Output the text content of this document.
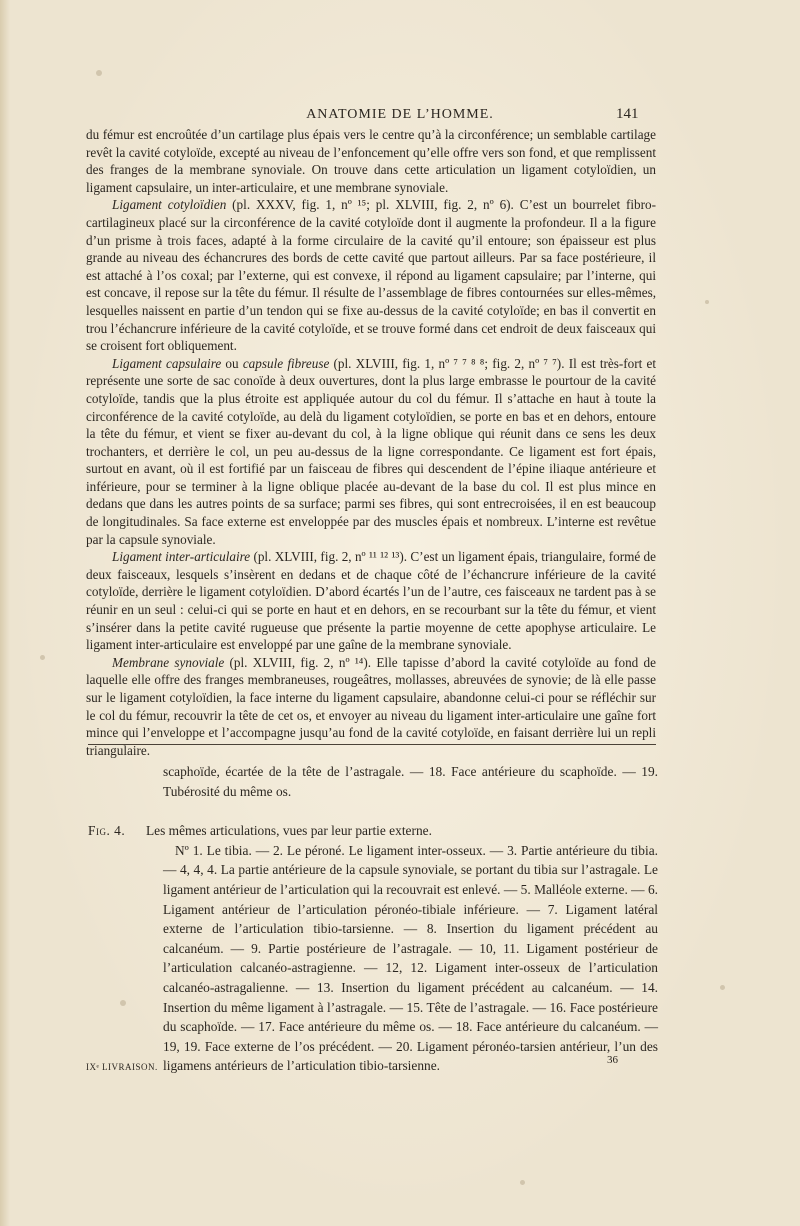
ANATOMIE DE L’HOMME.	141

du fémur est encroûtée d’un cartilage plus épais vers le centre qu’à la circonférence; un semblable cartilage revêt la cavité cotyloïde, excepté au niveau de l’enfoncement qu’elle offre vers son fond, et que remplissent des franges de la membrane synoviale. On trouve dans cette articulation un ligament cotyloïdien, un ligament capsulaire, un inter-articulaire, et une membrane synoviale.

Ligament cotyloïdien (pl. XXXV, fig. 1, nº ¹⁵; pl. XLVIII, fig. 2, nº 6). C’est un bourrelet fibro-cartilagineux placé sur la circonférence de la cavité cotyloïde dont il augmente la profondeur. Il a la figure d’un prisme à trois faces, adapté à la forme circulaire de la cavité qu’il entoure; son épaisseur est plus grande au niveau des échancrures des bords de cette cavité que partout ailleurs. Par sa face postérieure, il est attaché à l’os coxal; par l’externe, qui est convexe, il répond au ligament capsulaire; par l’interne, qui est concave, il repose sur la tête du fémur. Il résulte de l’assemblage de fibres contournées sur elles-mêmes, lesquelles naissent en partie d’un tendon qui se fixe au-dessus de la cavité cotyloïde; en bas il convertit en trou l’échancrure inférieure de la cavité cotyloïde, et se trouve formé dans cet endroit de deux faisceaux qui se croisent fort obliquement.

Ligament capsulaire ou capsule fibreuse (pl. XLVIII, fig. 1, nº ⁷ ⁷ ⁸ ⁸; fig. 2, nº ⁷ ⁷). Il est très-fort et représente une sorte de sac conoïde à deux ouvertures, dont la plus large embrasse le pourtour de la cavité cotyloïde, tandis que la plus étroite est appliquée autour du col du fémur. Il s’attache en haut à toute la circonférence de la cavité cotyloïde, au delà du ligament cotyloïdien, se porte en bas et en dehors, entoure la tête du fémur, et vient se fixer au-devant du col, à la ligne oblique qui réunit dans ce sens les deux trochanters, et derrière le col, un peu au-dessus de la ligne correspondante. Ce ligament est fort épais, surtout en avant, où il est fortifié par un faisceau de fibres qui descendent de l’épine iliaque antérieure et inférieure, pour se terminer à la ligne oblique placée au-devant de la base du col. Il est plus mince en dedans que dans les autres points de sa surface; parmi ses fibres, qui sont entrecroisées, il en est beaucoup de longitudinales. Sa face externe est enveloppée par des muscles épais et nombreux. L’interne est revêtue par la capsule synoviale.

Ligament inter-articulaire (pl. XLVIII, fig. 2, nº ¹¹ ¹² ¹³). C’est un ligament épais, triangulaire, formé de deux faisceaux, lesquels s’insèrent en dedans et de chaque côté de l’échancrure inférieure de la cavité cotyloïde, derrière le ligament cotyloïdien. D’abord écartés l’un de l’autre, ces faisceaux ne tardent pas à se réunir en un seul : celui-ci qui se porte en haut et en dehors, en se recourbant sur la tête du fémur, et vient s’insérer dans la petite cavité rugueuse que présente la partie moyenne de cette apophyse articulaire. Le ligament inter-articulaire est enveloppé par une gaîne de la membrane synoviale.

Membrane synoviale (pl. XLVIII, fig. 2, nº ¹⁴). Elle tapisse d’abord la cavité cotyloïde au fond de laquelle elle offre des franges membraneuses, rougeâtres, mollasses, abreuvées de synovie; de là elle passe sur le ligament cotyloïdien, la face interne du ligament capsulaire, abandonne celui-ci pour se réfléchir sur le col du fémur, recouvrir la tête de cet os, et envoyer au niveau du ligament inter-articulaire une gaîne fort mince qui l’enveloppe et l’accompagne jusqu’au fond de la cavité cotyloïde, en faisant derrière lui un repli triangulaire.

scaphoïde, écartée de la tête de l’astragale. — 18. Face antérieure du scaphoïde. — 19. Tubérosité du même os.

Fig. 4.	Les mêmes articulations, vues par leur partie externe.

Nº 1. Le tibia. — 2. Le péroné. Le ligament inter-osseux. — 3. Partie antérieure du tibia. — 4, 4, 4. La partie antérieure de la capsule synoviale, se portant du tibia sur l’astragale. Le ligament antérieur de l’articulation qui la recouvrait est enlevé. — 5. Malléole externe. — 6. Ligament antérieur de l’articulation péronéo-tibiale inférieure. — 7. Ligament latéral externe de l’articulation tibio-tarsienne. — 8. Insertion du ligament précédent au calcanéum. — 9. Partie postérieure de l’astragale. — 10, 11. Ligament postérieur de l’articulation calcanéo-astragienne. — 12, 12. Ligament inter-osseux de l’articulation calcanéo-astragalienne. — 13. Insertion du ligament précédent au calcanéum. — 14. Insertion du même ligament à l’astragale. — 15. Tête de l’astragale. — 16. Face postérieure du scaphoïde. — 17. Face antérieure du même os. — 18. Face antérieure du calcanéum. — 19, 19. Face externe de l’os précédent. — 20. Ligament péronéo-tarsien antérieur, l’un des ligamens antérieurs de l’articulation tibio-tarsienne.

IXᵉ LIVRAISON.
36
